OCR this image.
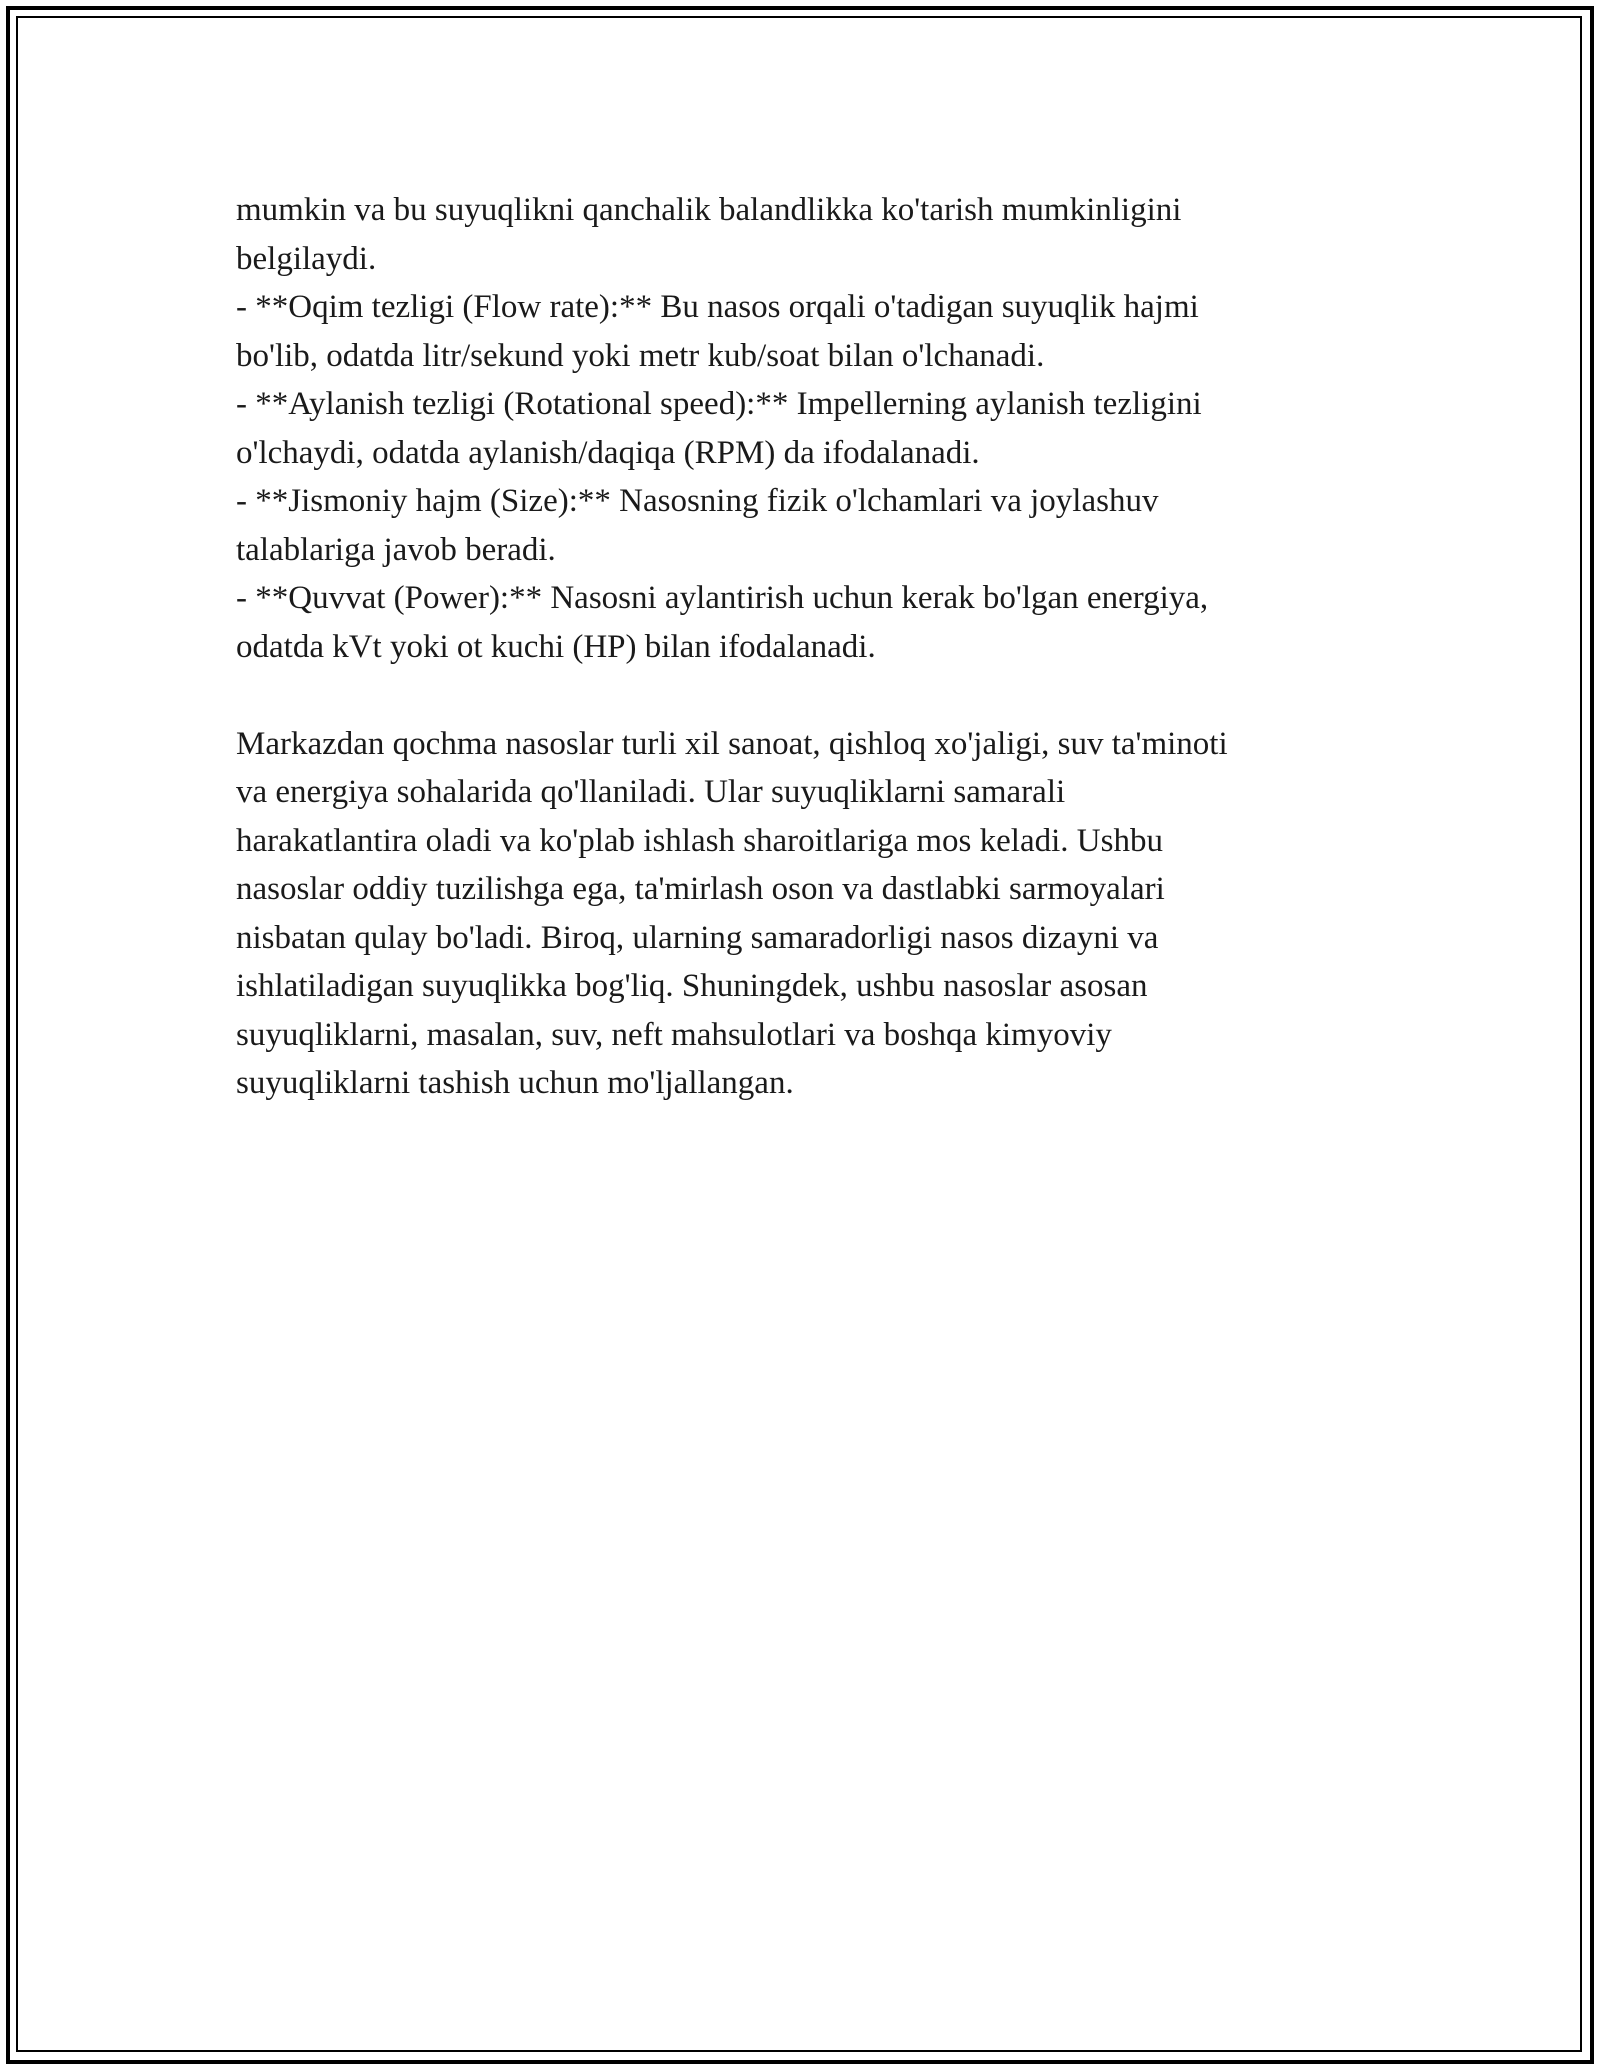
mumkin va bu suyuqlikni qanchalik balandlikka ko'tarish mumkinligini
belgilaydi.
- **Oqim tezligi (Flow rate):** Bu nasos orqali o'tadigan suyuqlik hajmi
bo'lib, odatda litr/sekund yoki metr kub/soat bilan o'lchanadi.
- **Aylanish tezligi (Rotational speed):** Impellerning aylanish tezligini
o'lchaydi, odatda aylanish/daqiqa (RPM) da ifodalanadi.
- **Jismoniy hajm (Size):** Nasosning fizik o'lchamlari va joylashuv
talablariga javob beradi.
- **Quvvat (Power):** Nasosni aylantirish uchun kerak bo'lgan energiya,
odatda kVt yoki ot kuchi (HP) bilan ifodalanadi.
Markazdan qochma nasoslar turli xil sanoat, qishloq xo'jaligi, suv ta'minoti
va energiya sohalarida qo'llaniladi. Ular suyuqliklarni samarali
harakatlantira oladi va ko'plab ishlash sharoitlariga mos keladi. Ushbu
nasoslar oddiy tuzilishga ega, ta'mirlash oson va dastlabki sarmoyalari
nisbatan qulay bo'ladi. Biroq, ularning samaradorligi nasos dizayni va
ishlatiladigan suyuqlikka bog'liq. Shuningdek, ushbu nasoslar asosan
suyuqliklarni, masalan, suv, neft mahsulotlari va boshqa kimyoviy
suyuqliklarni tashish uchun mo'ljallangan.
